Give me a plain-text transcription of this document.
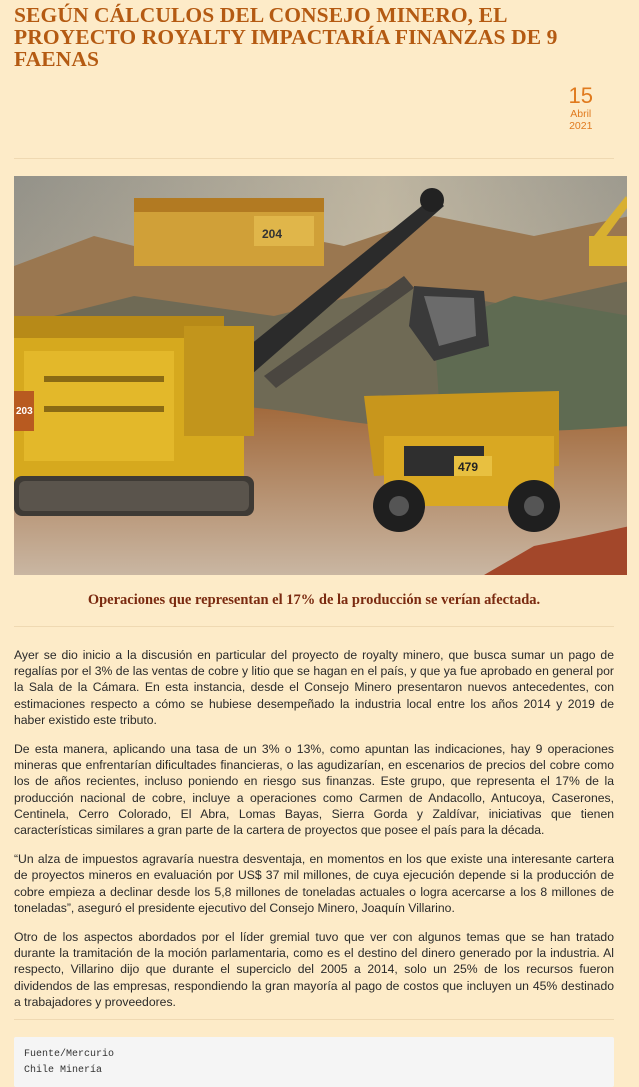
SEGÚN CÁLCULOS DEL CONSEJO MINERO, EL PROYECTO ROYALTY IMPACTARÍA FINANZAS DE 9 FAENAS
15
Abril
2021
204
203
479

Operaciones que representan el 17% de la producción se verían afectada.

Ayer se dio inicio a la discusión en particular del proyecto de royalty minero, que busca sumar un pago de regalías por el 3% de las ventas de cobre y litio que se hagan en el país, y que ya fue aprobado en general por la Sala de la Cámara. En esta instancia, desde el Consejo Minero presentaron nuevos antecedentes, con estimaciones respecto a cómo se hubiese desempeñado la industria local entre los años 2014 y 2019 de haber existido este tributo.

De esta manera, aplicando una tasa de un 3% o 13%, como apuntan las indicaciones, hay 9 operaciones mineras que enfrentarían dificultades financieras, o las agudizarían, en escenarios de precios del cobre como los de años recientes, incluso poniendo en riesgo sus finanzas. Este grupo, que representa el 17% de la producción nacional de cobre, incluye a operaciones como Carmen de Andacollo, Antucoya, Caserones, Centinela, Cerro Colorado, El Abra, Lomas Bayas, Sierra Gorda y Zaldívar, iniciativas que tienen características similares a gran parte de la cartera de proyectos que posee el país para la década.

“Un alza de impuestos agravaría nuestra desventaja, en momentos en los que existe una interesante cartera de proyectos mineros en evaluación por US$ 37 mil millones, de cuya ejecución depende si la producción de cobre empieza a declinar desde los 5,8 millones de toneladas actuales o logra acercarse a los 8 millones de toneladas”, aseguró el presidente ejecutivo del Consejo Minero, Joaquín Villarino.

Otro de los aspectos abordados por el líder gremial tuvo que ver con algunos temas que se han tratado durante la tramitación de la moción parlamentaria, como es el destino del dinero generado por la industria. Al respecto, Villarino dijo que durante el superciclo del 2005 a 2014, solo un 25% de los recursos fueron dividendos de las empresas, respondiendo la gran mayoría al pago de costos que incluyen un 45% destinado a trabajadores y proveedores.

Fuente/Mercurio
Chile Minería
